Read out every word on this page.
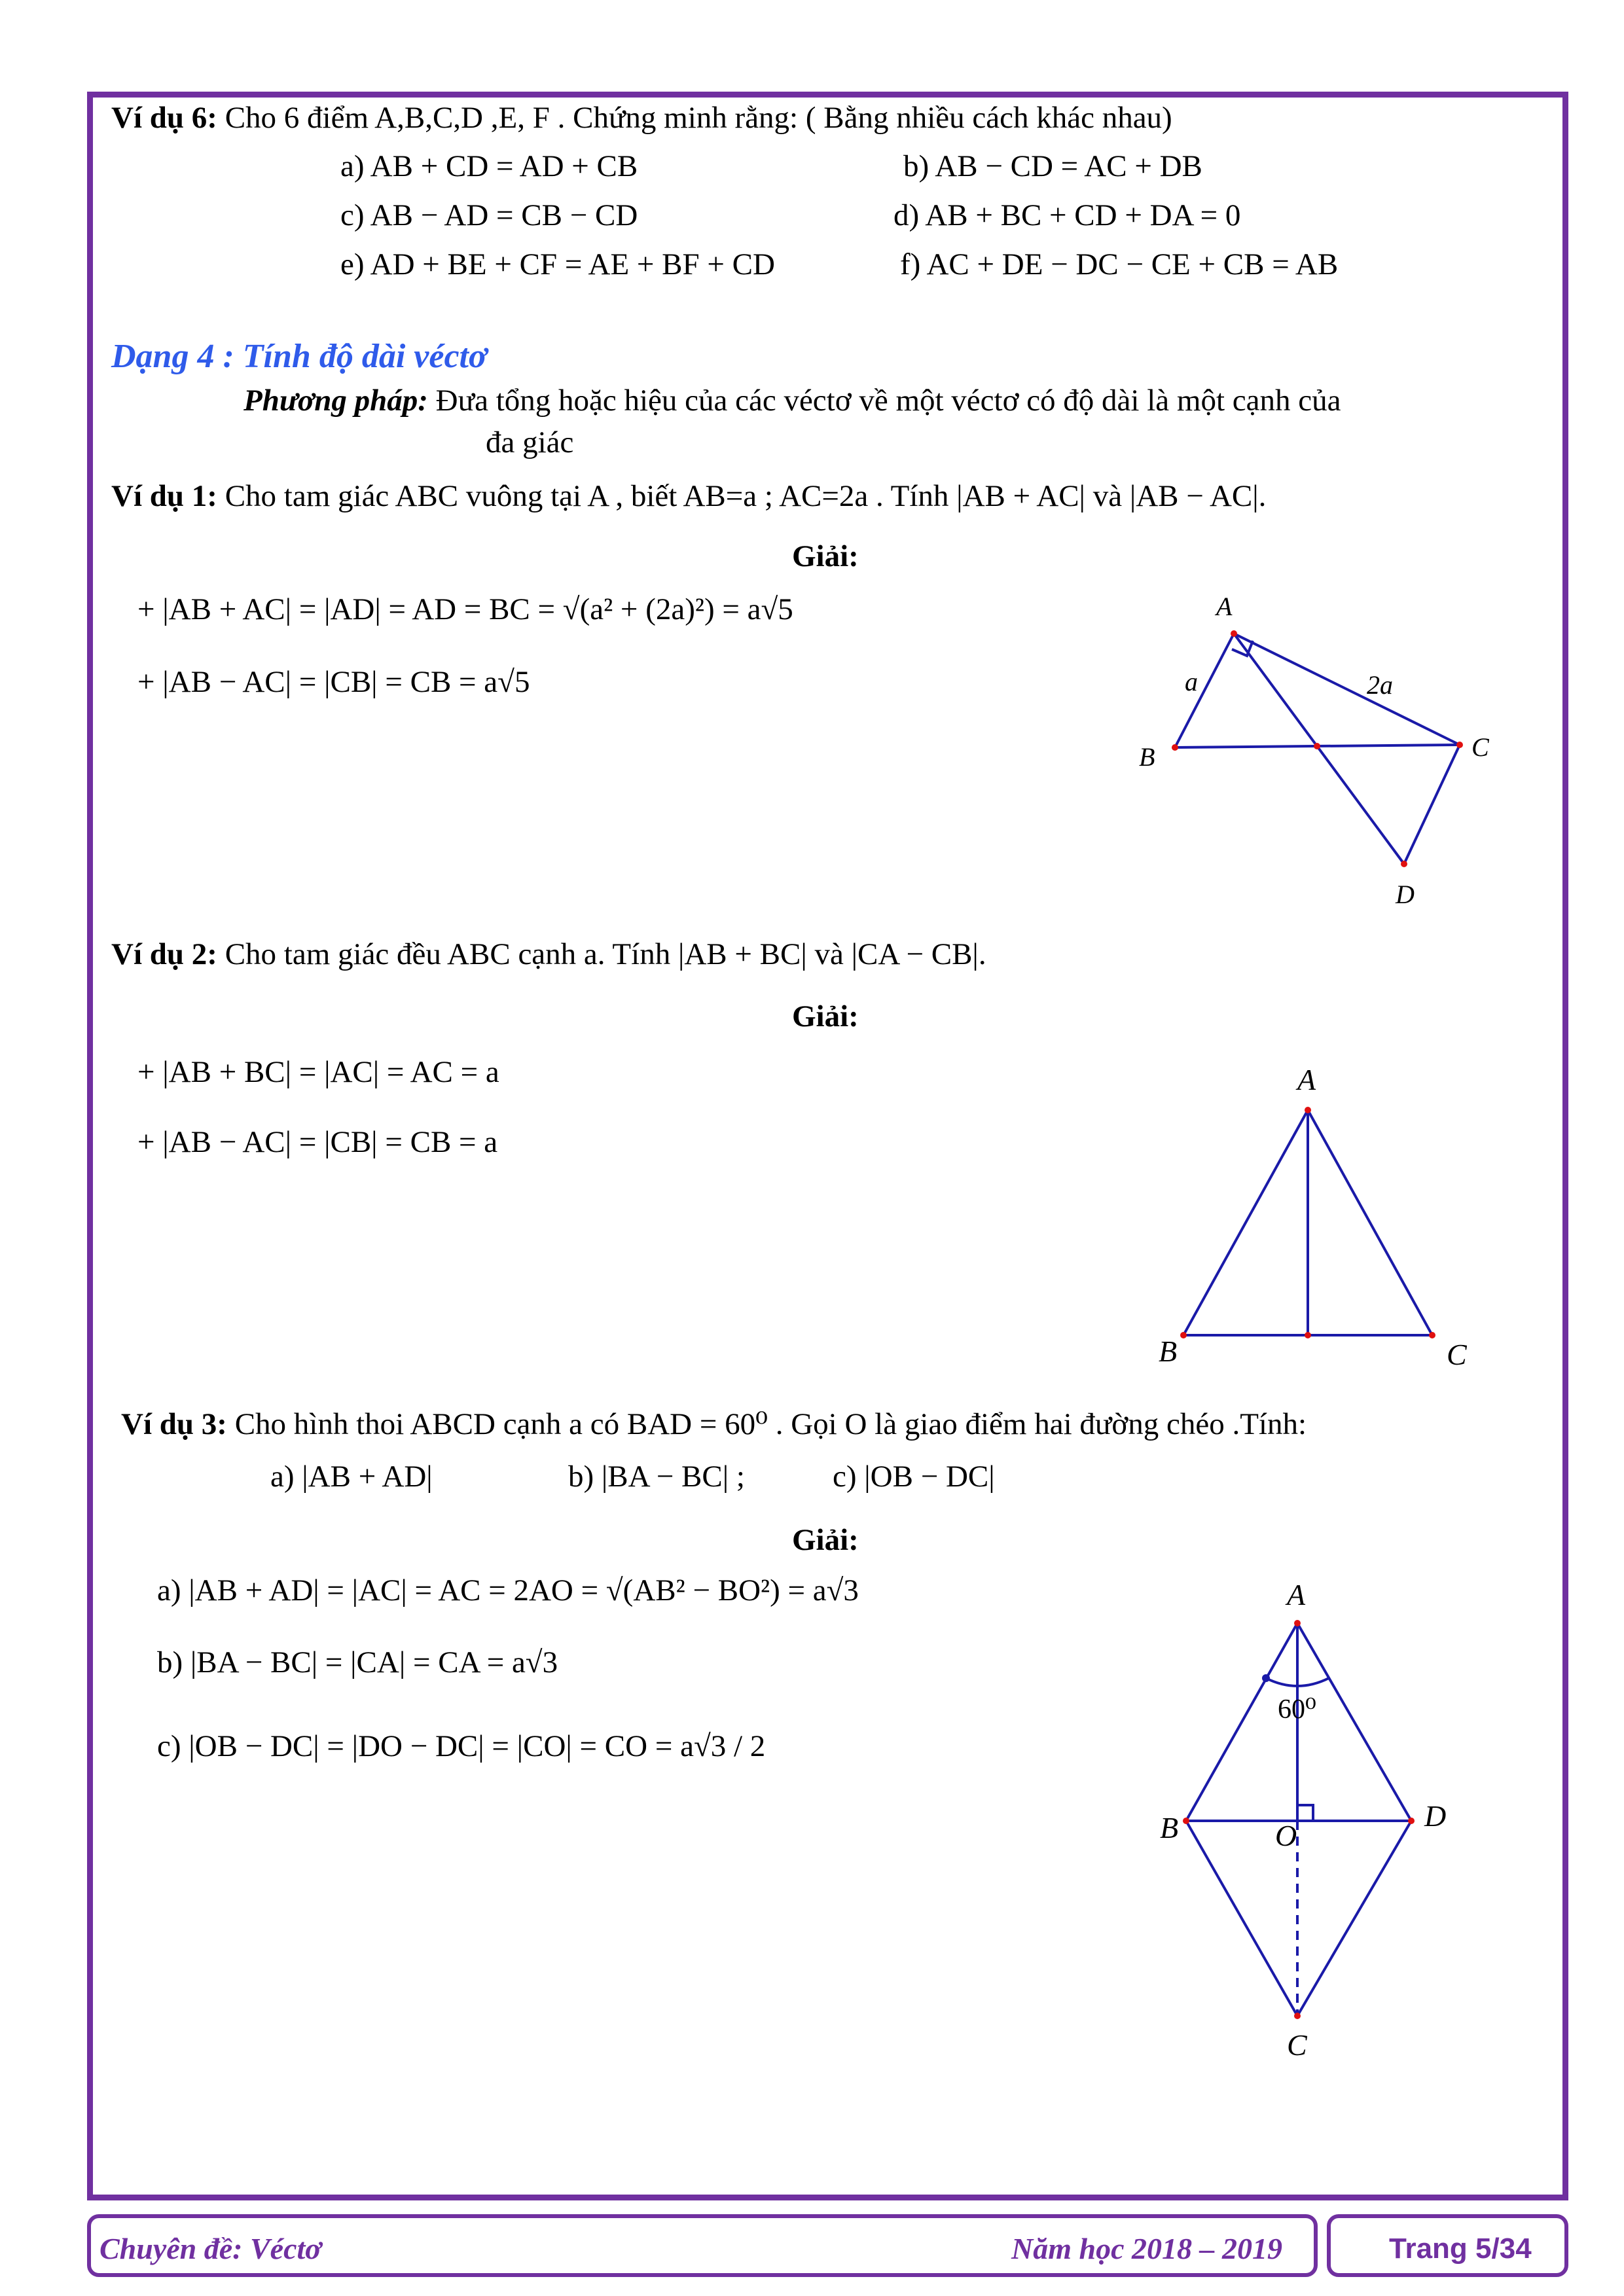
Ví dụ 6: Cho 6 điểm A,B,C,D ,E, F . Chứng minh rằng: ( Bằng nhiều cách khác nhau)
a) AB + CD = AD + CB	b) AB − CD = AC + DB
c) AB − AD = CB − CD	d) AB + BC + CD + DA = 0
e) AD + BE + CF = AE + BF + CD	f) AC + DE − DC − CE + CB = AB
Dạng 4 : Tính độ dài véctơ
Phương pháp: Đưa tổng hoặc hiệu của các véctơ về một véctơ có độ dài là một cạnh của
đa giác
Ví dụ 1: Cho tam giác ABC vuông tại A , biết AB=a ; AC=2a . Tính |AB + AC| và |AB − AC|.
Giải:
+ |AB + AC| = |AD| = AD = BC = √(a² + (2a)²) = a√5
+ |AB − AC| = |CB| = CB = a√5
A
B	C
D
a	2a
Ví dụ 2: Cho tam giác đều ABC cạnh a. Tính |AB + BC| và |CA − CB|.
Giải:
+ |AB + BC| = |AC| = AC = a
+ |AB − AC| = |CB| = CB = a
A
B	C
Ví dụ 3: Cho hình thoi ABCD cạnh a có BAD = 60⁰ . Gọi O là giao điểm hai đường chéo .Tính:
a) |AB + AD|	b) |BA − BC| ;	c) |OB − DC|
Giải:
a) |AB + AD| = |AC| = AC = 2AO = √(AB² − BO²) = a√3
b) |BA − BC| = |CA| = CA = a√3
c) |OB − DC| = |DO − DC| = |CO| = CO = a√3 / 2
A
B	D
C
O
60⁰
Chuyên đề: Véctơ	Năm học 2018 – 2019	Trang 5/34
